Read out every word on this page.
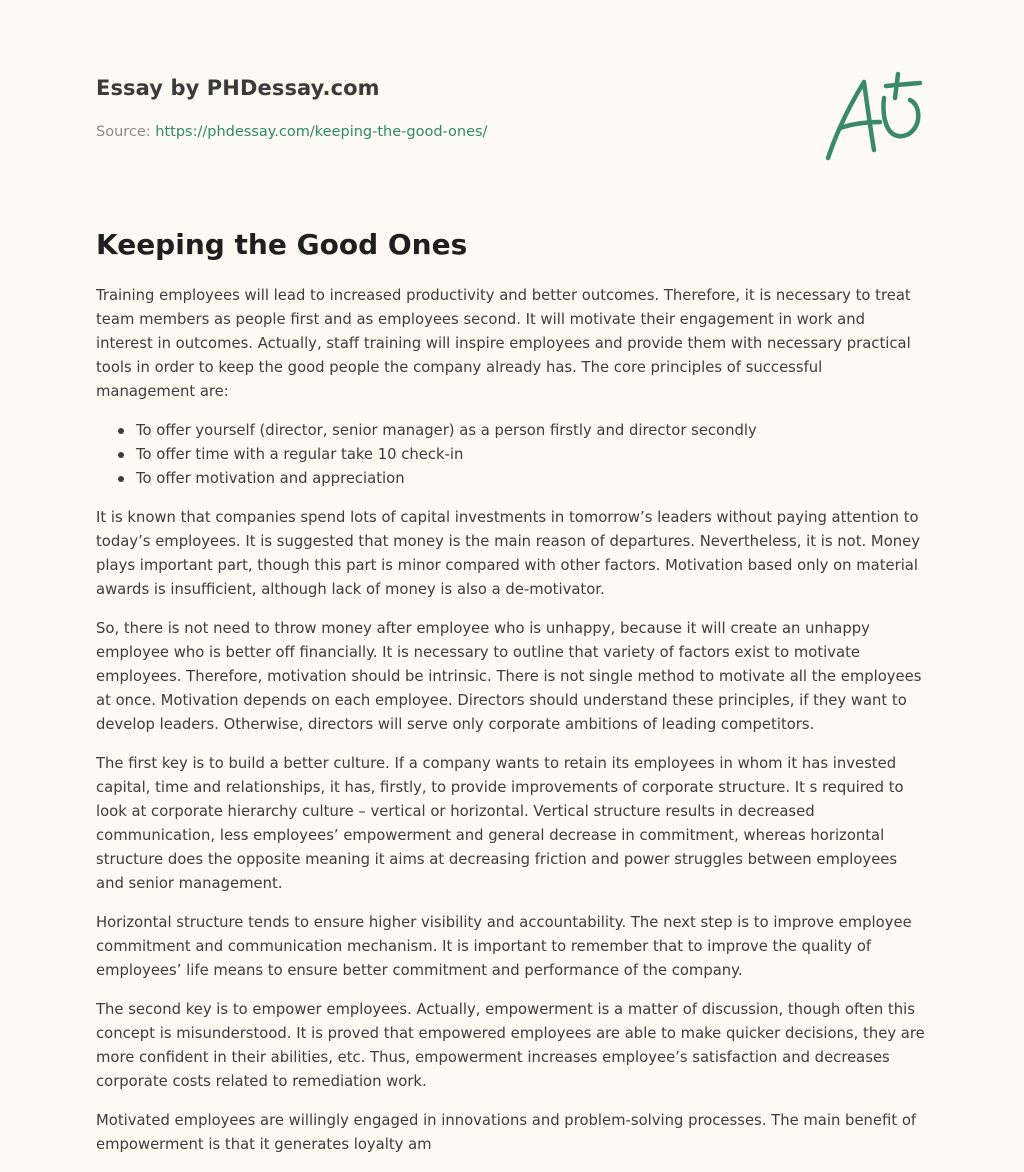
Essay by PHDessay.com
Source: https://phdessay.com/keeping-the-good-ones/
Keeping the Good Ones

Training employees will lead to increased productivity and better outcomes. Therefore, it is necessary to treat team members as people first and as employees second. It will motivate their engagement in work and interest in outcomes. Actually, staff training will inspire employees and provide them with necessary practical tools in order to keep the good people the company already has. The core principles of successful management are:

To offer yourself (director, senior manager) as a person firstly and director secondly
To offer time with a regular take 10 check-in
To offer motivation and appreciation

It is known that companies spend lots of capital investments in tomorrow’s leaders without paying attention to today’s employees. It is suggested that money is the main reason of departures. Nevertheless, it is not. Money plays important part, though this part is minor compared with other factors. Motivation based only on material awards is insufficient, although lack of money is also a de-motivator.

So, there is not need to throw money after employee who is unhappy, because it will create an unhappy employee who is better off financially. It is necessary to outline that variety of factors exist to motivate employees. Therefore, motivation should be intrinsic. There is not single method to motivate all the employees at once. Motivation depends on each employee. Directors should understand these principles, if they want to develop leaders. Otherwise, directors will serve only corporate ambitions of leading competitors.

The first key is to build a better culture. If a company wants to retain its employees in whom it has invested capital, time and relationships, it has, firstly, to provide improvements of corporate structure. It s required to look at corporate hierarchy culture – vertical or horizontal. Vertical structure results in decreased communication, less employees’ empowerment and general decrease in commitment, whereas horizontal structure does the opposite meaning it aims at decreasing friction and power struggles between employees and senior management.

Horizontal structure tends to ensure higher visibility and accountability. The next step is to improve employee commitment and communication mechanism. It is important to remember that to improve the quality of employees’ life means to ensure better commitment and performance of the company.

The second key is to empower employees. Actually, empowerment is a matter of discussion, though often this concept is misunderstood. It is proved that empowered employees are able to make quicker decisions, they are more confident in their abilities, etc. Thus, empowerment increases employee’s satisfaction and decreases corporate costs related to remediation work.

Motivated employees are willingly engaged in innovations and problem-solving processes. The main benefit of empowerment is that it generates loyalty am
